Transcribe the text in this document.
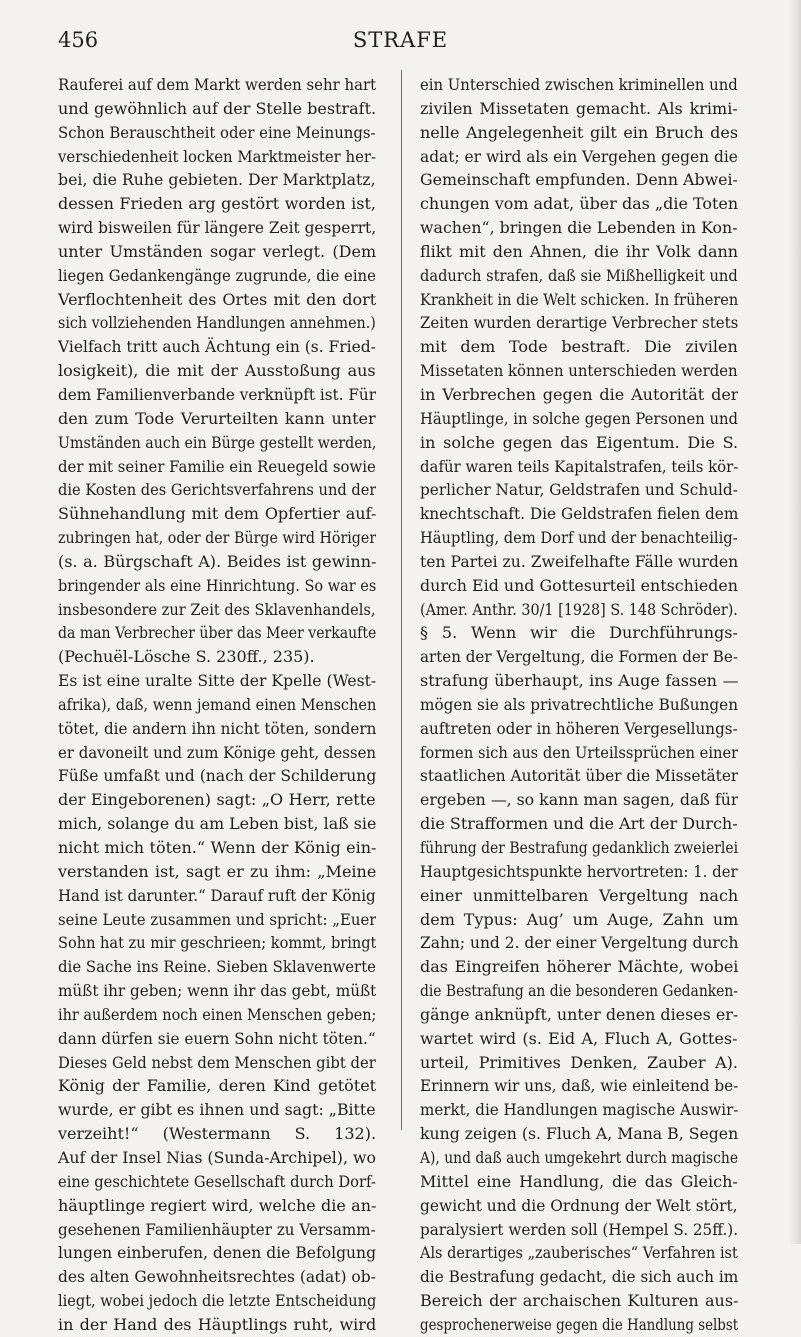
456	STRAFE
Rauferei auf dem Markt werden sehr hart
und gewöhnlich auf der Stelle bestraft.
Schon Berauschtheit oder eine Meinungs-
verschiedenheit locken Marktmeister her-
bei, die Ruhe gebieten. Der Marktplatz,
dessen Frieden arg gestört worden ist,
wird bisweilen für längere Zeit gesperrt,
unter Umständen sogar verlegt. (Dem
liegen Gedankengänge zugrunde, die eine
Verflochtenheit des Ortes mit den dort
sich vollziehenden Handlungen annehmen.)
Vielfach tritt auch Ächtung ein (s. Fried-
losigkeit), die mit der Ausstoßung aus
dem Familienverbande verknüpft ist. Für
den zum Tode Verurteilten kann unter
Umständen auch ein Bürge gestellt werden,
der mit seiner Familie ein Reuegeld sowie
die Kosten des Gerichtsverfahrens und der
Sühnehandlung mit dem Opfertier auf-
zubringen hat, oder der Bürge wird Höriger
(s. a. Bürgschaft A). Beides ist gewinn-
bringender als eine Hinrichtung. So war es
insbesondere zur Zeit des Sklavenhandels,
da man Verbrecher über das Meer verkaufte
(Pechuël-Lösche S. 230ff., 235).
Es ist eine uralte Sitte der Kpelle (West-
afrika), daß, wenn jemand einen Menschen
tötet, die andern ihn nicht töten, sondern
er davoneilt und zum Könige geht, dessen
Füße umfaßt und (nach der Schilderung
der Eingeborenen) sagt: „O Herr, rette
mich, solange du am Leben bist, laß sie
nicht mich töten.“ Wenn der König ein-
verstanden ist, sagt er zu ihm: „Meine
Hand ist darunter.“ Darauf ruft der König
seine Leute zusammen und spricht: „Euer
Sohn hat zu mir geschrieen; kommt, bringt
die Sache ins Reine. Sieben Sklavenwerte
müßt ihr geben; wenn ihr das gebt, müßt
ihr außerdem noch einen Menschen geben;
dann dürfen sie euern Sohn nicht töten.“
Dieses Geld nebst dem Menschen gibt der
König der Familie, deren Kind getötet
wurde, er gibt es ihnen und sagt: „Bitte
verzeiht!“ (Westermann S. 132).
Auf der Insel Nias (Sunda-Archipel), wo
eine geschichtete Gesellschaft durch Dorf-
häuptlinge regiert wird, welche die an-
gesehenen Familienhäupter zu Versamm-
lungen einberufen, denen die Befolgung
des alten Gewohnheitsrechtes (adat) ob-
liegt, wobei jedoch die letzte Entscheidung
in der Hand des Häuptlings ruht, wird
ein Unterschied zwischen kriminellen und
zivilen Missetaten gemacht. Als krimi-
nelle Angelegenheit gilt ein Bruch des
adat; er wird als ein Vergehen gegen die
Gemeinschaft empfunden. Denn Abwei-
chungen vom adat, über das „die Toten
wachen“, bringen die Lebenden in Kon-
flikt mit den Ahnen, die ihr Volk dann
dadurch strafen, daß sie Mißhelligkeit und
Krankheit in die Welt schicken. In früheren
Zeiten wurden derartige Verbrecher stets
mit dem Tode bestraft. Die zivilen
Missetaten können unterschieden werden
in Verbrechen gegen die Autorität der
Häuptlinge, in solche gegen Personen und
in solche gegen das Eigentum. Die S.
dafür waren teils Kapitalstrafen, teils kör-
perlicher Natur, Geldstrafen und Schuld-
knechtschaft. Die Geldstrafen fielen dem
Häuptling, dem Dorf und der benachteilig-
ten Partei zu. Zweifelhafte Fälle wurden
durch Eid und Gottesurteil entschieden
(Amer. Anthr. 30/1 [1928] S. 148 Schröder).
§ 5. Wenn wir die Durchführungs-
arten der Vergeltung, die Formen der Be-
strafung überhaupt, ins Auge fassen —
mögen sie als privatrechtliche Bußungen
auftreten oder in höheren Vergesellungs-
formen sich aus den Urteilssprüchen einer
staatlichen Autorität über die Missetäter
ergeben —, so kann man sagen, daß für
die Strafformen und die Art der Durch-
führung der Bestrafung gedanklich zweierlei
Hauptgesichtspunkte hervortreten: 1. der
einer unmittelbaren Vergeltung nach
dem Typus: Aug’ um Auge, Zahn um
Zahn; und 2. der einer Vergeltung durch
das Eingreifen höherer Mächte, wobei
die Bestrafung an die besonderen Gedanken-
gänge anknüpft, unter denen dieses er-
wartet wird (s. Eid A, Fluch A, Gottes-
urteil, Primitives Denken, Zauber A).
Erinnern wir uns, daß, wie einleitend be-
merkt, die Handlungen magische Auswir-
kung zeigen (s. Fluch A, Mana B, Segen
A), und daß auch umgekehrt durch magische
Mittel eine Handlung, die das Gleich-
gewicht und die Ordnung der Welt stört,
paralysiert werden soll (Hempel S. 25ff.).
Als derartiges „zauberisches“ Verfahren ist
die Bestrafung gedacht, die sich auch im
Bereich der archaischen Kulturen aus-
gesprochenerweise gegen die Handlung selbst
